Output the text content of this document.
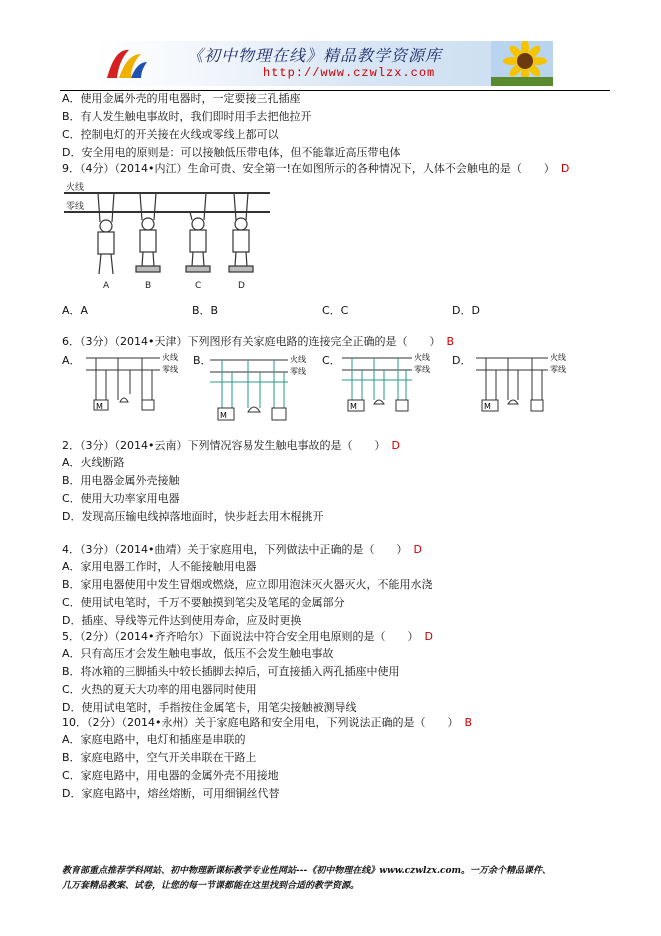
《初中物理在线》精品教学资源库
http://www.czwlzx.com
A．使用金属外壳的用电器时，一定要接三孔插座
B．有人发生触电事故时，我们即时用手去把他拉开
C．控制电灯的开关接在火线或零线上都可以
D．安全用电的原则是：可以接触低压带电体，但不能靠近高压带电体
9．（4分）（2014•内江）生命可贵、安全第一!在如图所示的各种情况下，人体不会触电的是（　　） D
火线
零线
A	B	C	D
A．A	B．B	C．C	D．D
6．（3分）（2014•天津）下列图形有关家庭电路的连接完全正确的是（　　） B
A．	B．	C．	D．
火线
零线
M
火线
零线
M
火线
零线
M
火线
零线
M
2．（3分）（2014•云南）下列情况容易发生触电事故的是（　　） D
A．火线断路
B．用电器金属外壳接触
C．使用大功率家用电器
D．发现高压输电线掉落地面时，快步赶去用木棍挑开
4．（3分）（2014•曲靖）关于家庭用电，下列做法中正确的是（　　） D
A．家用电器工作时，人不能接触用电器
B．家用电器使用中发生冒烟或燃烧，应立即用泡沫灭火器灭火，不能用水浇
C．使用试电笔时，千万不要触摸到笔尖及笔尾的金属部分
D．插座、导线等元件达到使用寿命，应及时更换
5．（2分）（2014•齐齐哈尔）下面说法中符合安全用电原则的是（　　） D
A．只有高压才会发生触电事故，低压不会发生触电事故
B．将冰箱的三脚插头中较长插脚去掉后，可直接插入两孔插座中使用
C．火热的夏天大功率的用电器同时使用
D．使用试电笔时，手指按住金属笔卡，用笔尖接触被测导线
10．（2分）（2014•永州）关于家庭电路和安全用电，下列说法正确的是（　　） B
A．家庭电路中，电灯和插座是串联的
B．家庭电路中，空气开关串联在干路上
C．家庭电路中，用电器的金属外壳不用接地
D．家庭电路中，熔丝熔断，可用细铜丝代替
教育部重点推荐学科网站、初中物理新课标教学专业性网站---《初中物理在线》www.czwlzx.com。一万余个精品课件、
几万套精品教案、试卷，让您的每一节课都能在这里找到合适的教学资源。
